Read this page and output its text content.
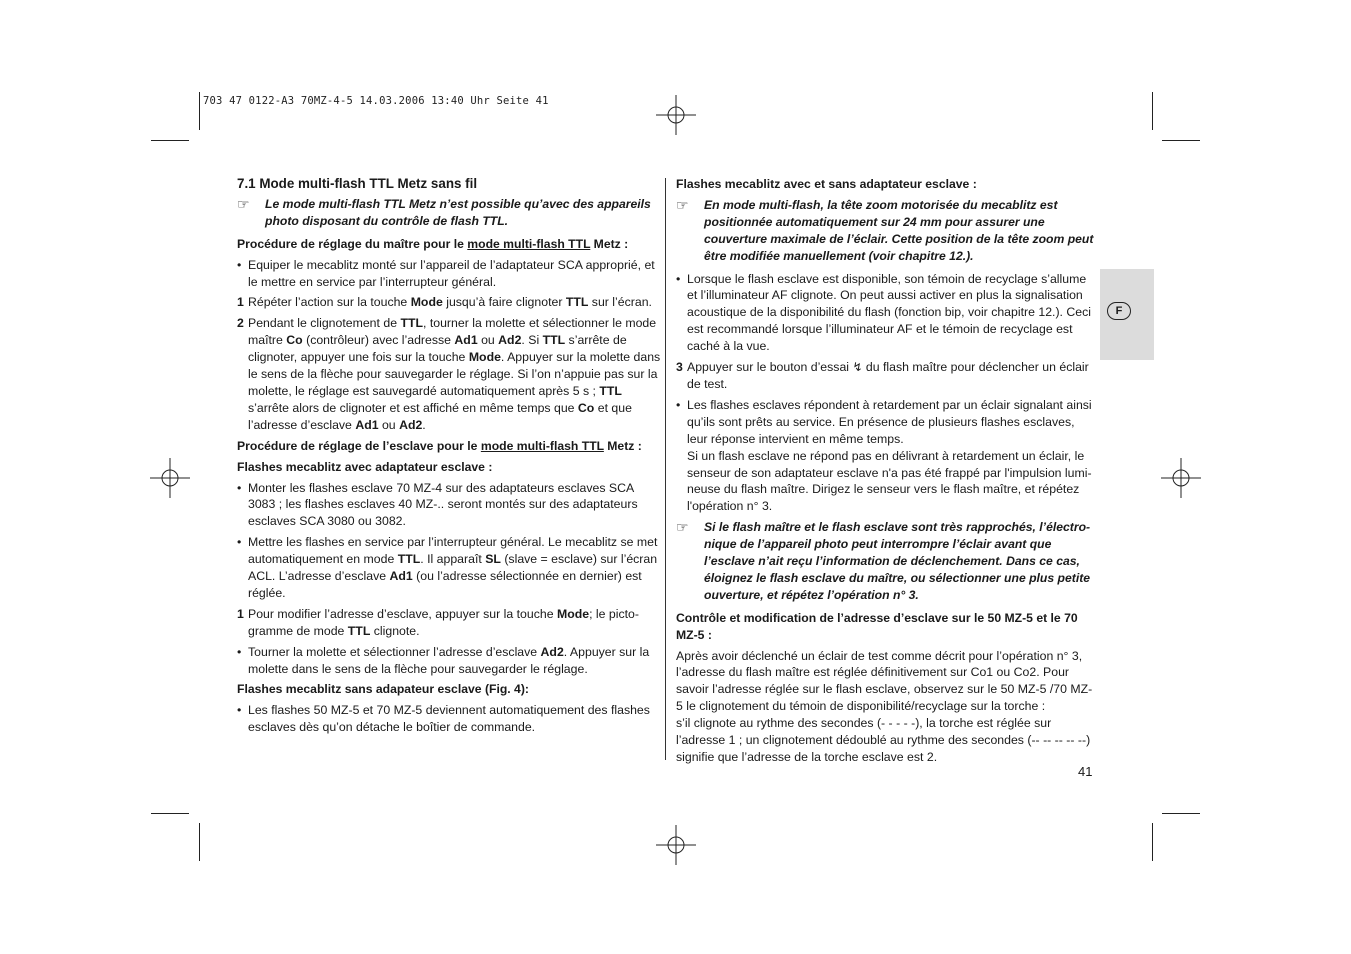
703 47 0122-A3 70MZ-4-5 14.03.2006 13:40 Uhr Seite 41

7.1 Mode multi-flash TTL Metz sans fil

☞	Le mode multi-flash TTL Metz n’est possible qu’avec des appareils photo disposant du contrôle de flash TTL.

Procédure de réglage du maître pour le mode multi-flash TTL Metz :

• Equiper le mecablitz monté sur l’appareil de l’adaptateur SCA approprié, et le mettre en service par l’interrupteur général.

1 Répéter l’action sur la touche Mode jusqu’à faire clignoter TTL sur l’écran.

2 Pendant le clignotement de TTL, tourner la molette et sélectionner le mode maître Co (contrôleur) avec l’adresse Ad1 ou Ad2. Si TTL s’arrête de clignoter, appuyer une fois sur la touche Mode. Appuyer sur la molette dans le sens de la flèche pour sauvegarder le réglage. Si l’on n’appuie pas sur la molette, le réglage est sauvegardé automatiquement après 5 s ; TTL s’arrête alors de clignoter et est affiché en même temps que Co et que l’adresse d’esclave Ad1 ou Ad2.

Procédure de réglage de l’esclave pour le mode multi-flash TTL Metz :

Flashes mecablitz avec adaptateur esclave :

• Monter les flashes esclave 70 MZ-4 sur des adaptateurs esclaves SCA 3083 ; les flashes esclaves 40 MZ-.. seront montés sur des adaptateurs esclaves SCA 3080 ou 3082.

• Mettre les flashes en service par l’interrupteur général. Le mecablitz se met automatiquement en mode TTL. Il apparaît SL (slave = esclave) sur l’écran ACL. L’adresse d’esclave Ad1 (ou l’adresse sélectionnée en dernier) est réglée.

1 Pour modifier l’adresse d’esclave, appuyer sur la touche Mode; le pictogramme de mode TTL clignote.

• Tourner la molette et sélectionner l’adresse d’esclave Ad2. Appuyer sur la molette dans le sens de la flèche pour sauvegarder le réglage.

Flashes mecablitz sans adapateur esclave (Fig. 4):

• Les flashes 50 MZ-5 et 70 MZ-5 deviennent automatiquement des flashes esclaves dès qu’on détache le boîtier de commande.

Flashes mecablitz avec et sans adaptateur esclave :

☞	En mode multi-flash, la tête zoom motorisée du mecablitz est positionnée automatiquement sur 24 mm pour assurer une couverture maximale de l’éclair. Cette position de la tête zoom peut être modifiée manuellement (voir chapitre 12.).

• Lorsque le flash esclave est disponible, son témoin de recyclage s’allume et l’illuminateur AF clignote. On peut aussi activer en plus la signalisation acoustique de la disponibilité du flash (fonction bip, voir chapitre 12.). Ceci est recommandé lorsque l’illuminateur AF et le témoin de recyclage est caché à la vue.

3 Appuyer sur le bouton d’essai ↯ du flash maître pour déclencher un éclair de test.

• Les flashes esclaves répondent à retardement par un éclair signalant ainsi qu’ils sont prêts au service. En présence de plusieurs flashes esclaves, leur réponse intervient en même temps.
Si un flash esclave ne répond pas en délivrant à retardement un éclair, le senseur de son adaptateur esclave n'a pas été frappé par l'impulsion lumineuse du flash maître. Dirigez le senseur vers le flash maître, et répétez l'opération n° 3.

☞	Si le flash maître et le flash esclave sont très rapprochés, l’électronique de l’appareil photo peut interrompre l’éclair avant que l’esclave n’ait reçu l’information de déclenchement. Dans ce cas, éloignez le flash esclave du maître, ou sélectionner une plus petite ouverture, et répétez l’opération n° 3.

Contrôle et modification de l’adresse d’esclave sur le 50 MZ-5 et le 70 MZ-5 :

Après avoir déclenché un éclair de test comme décrit pour l’opération n° 3, l’adresse du flash maître est réglée définitivement sur Co1 ou Co2. Pour savoir l’adresse réglée sur le flash esclave, observez sur le 50 MZ-5 /70 MZ-5 le clignotement du témoin de disponibilité/recyclage sur la torche :
s’il clignote au rythme des secondes (- - - - -), la torche est réglée sur l’adresse 1 ; un clignotement dédoublé au rythme des secondes (-- -- -- -- --) signifie que l’adresse de la torche esclave est 2.

F
41
